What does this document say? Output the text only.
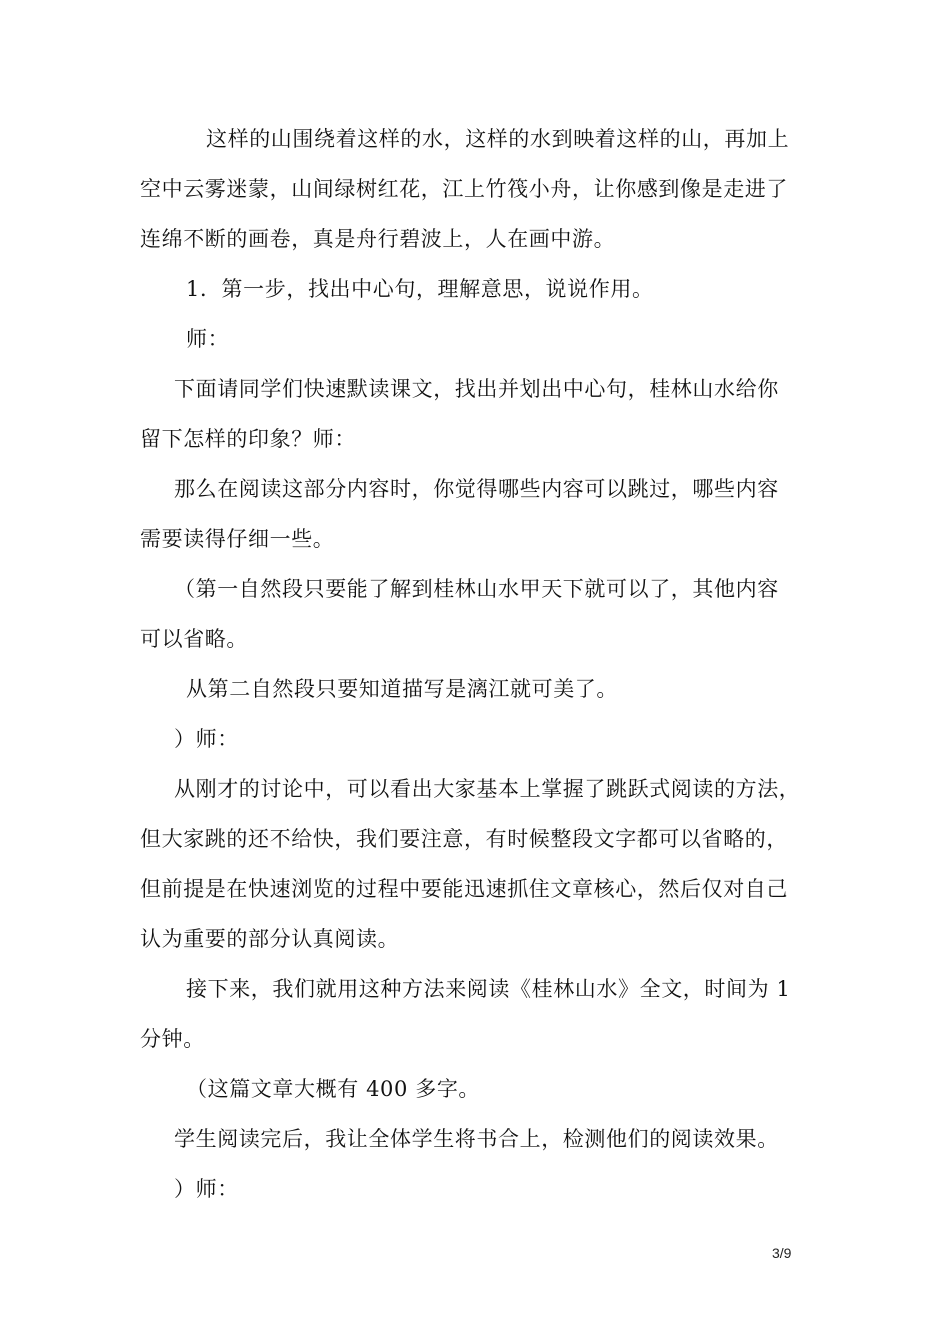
这样的山围绕着这样的水，这样的水到映着这样的山，再加上
空中云雾迷蒙，山间绿树红花，江上竹筏小舟，让你感到像是走进了
连绵不断的画卷，真是舟行碧波上，人在画中游。
1．第一步，找出中心句，理解意思，说说作用。
师：
下面请同学们快速默读课文，找出并划出中心句，桂林山水给你
留下怎样的印象？师：
那么在阅读这部分内容时，你觉得哪些内容可以跳过，哪些内容
需要读得仔细一些。
（第一自然段只要能了解到桂林山水甲天下就可以了，其他内容
可以省略。
从第二自然段只要知道描写是漓江就可美了。
）师：
从刚才的讨论中，可以看出大家基本上掌握了跳跃式阅读的方法，
但大家跳的还不给快，我们要注意，有时候整段文字都可以省略的，
但前提是在快速浏览的过程中要能迅速抓住文章核心，然后仅对自己
认为重要的部分认真阅读。
接下来，我们就用这种方法来阅读《桂林山水》全文，时间为 1
分钟。
（这篇文章大概有 400 多字。
学生阅读完后，我让全体学生将书合上，检测他们的阅读效果。
）师：
3/9
